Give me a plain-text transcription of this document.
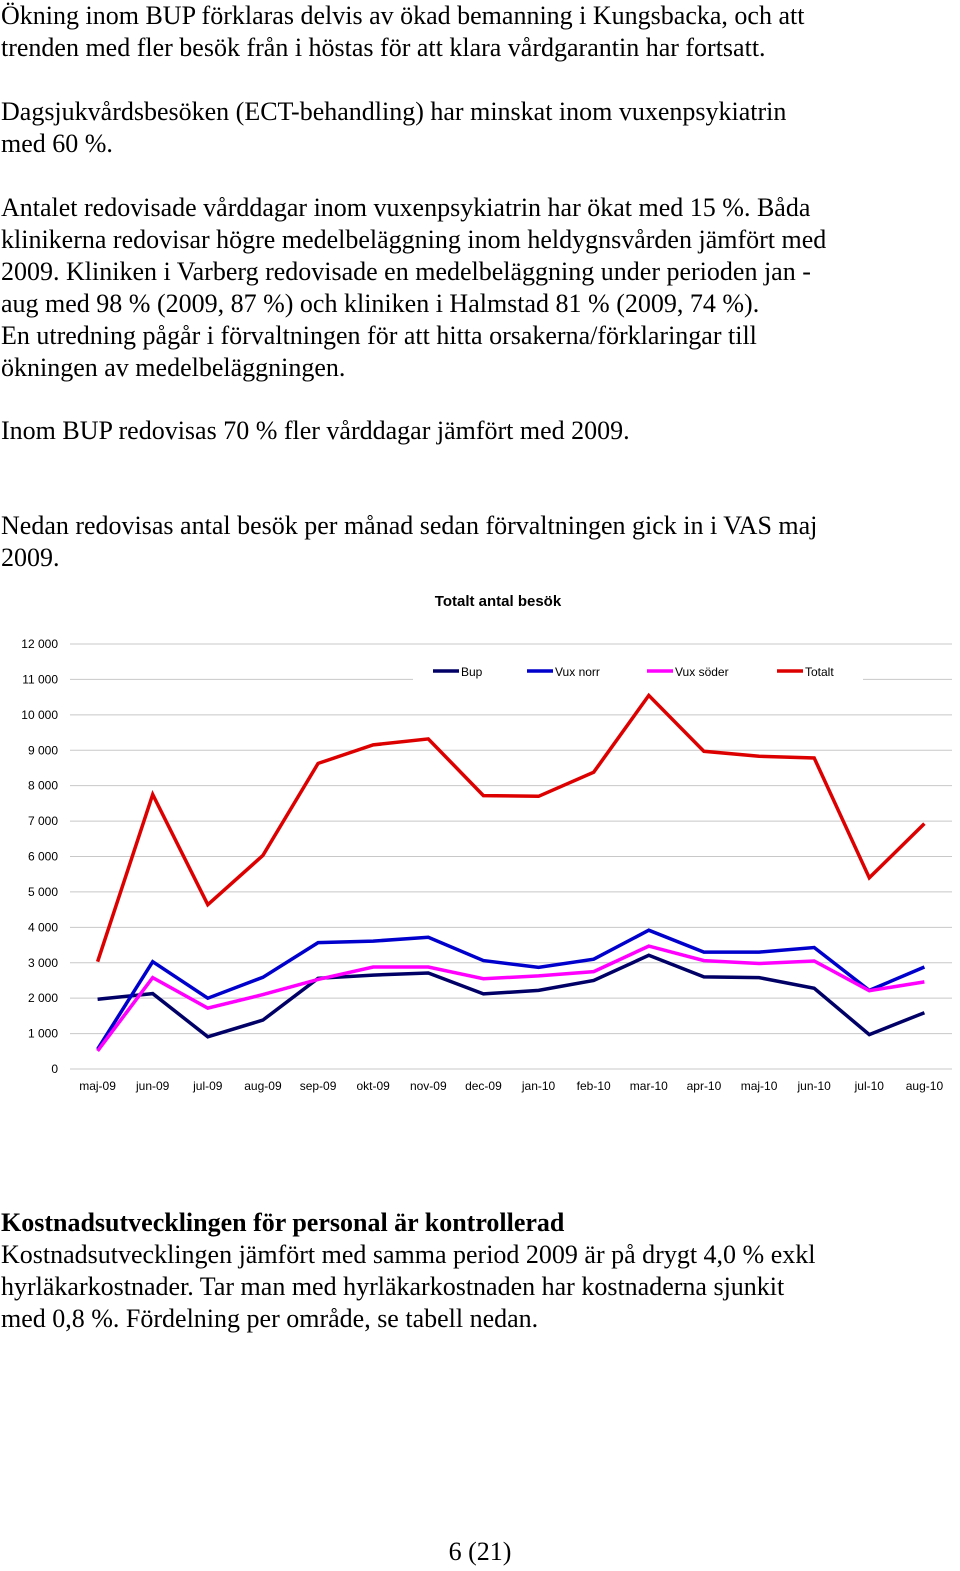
Ökning inom BUP förklaras delvis av ökad bemanning i Kungsbacka, och att
trenden med fler besök från i höstas för att klara vårdgarantin har fortsatt.

Dagsjukvårdsbesöken (ECT-behandling) har minskat inom vuxenpsykiatrin
med 60 %.

Antalet redovisade vårddagar inom vuxenpsykiatrin har ökat med 15 %. Båda
klinikerna redovisar högre medelbeläggning inom heldygnsvården jämfört med
2009. Kliniken i Varberg redovisade en medelbeläggning under perioden jan -
aug med 98 % (2009, 87 %) och kliniken i Halmstad 81 % (2009, 74 %).
En utredning pågår i förvaltningen för att hitta orsakerna/förklaringar till
ökningen av medelbeläggningen.

Inom BUP redovisas 70 % fler vårddagar jämfört med 2009.

Nedan redovisas antal besök per månad sedan förvaltningen gick in i VAS maj
2009.

Totalt antal besök
0
1 000
2 000
3 000
4 000
5 000
6 000
7 000
8 000
9 000
10 000
11 000
12 000
maj-09 jun-09 jul-09 aug-09 sep-09 okt-09 nov-09 dec-09 jan-10 feb-10 mar-10 apr-10 maj-10 jun-10 jul-10 aug-10
Bup	Vux norr	Vux söder	Totalt

Kostnadsutvecklingen för personal är kontrollerad

Kostnadsutvecklingen jämfört med samma period 2009 är på drygt 4,0 % exkl
hyrläkarkostnader. Tar man med hyrläkarkostnaden har kostnaderna sjunkit
med 0,8 %. Fördelning per område, se tabell nedan.

6 (21)
